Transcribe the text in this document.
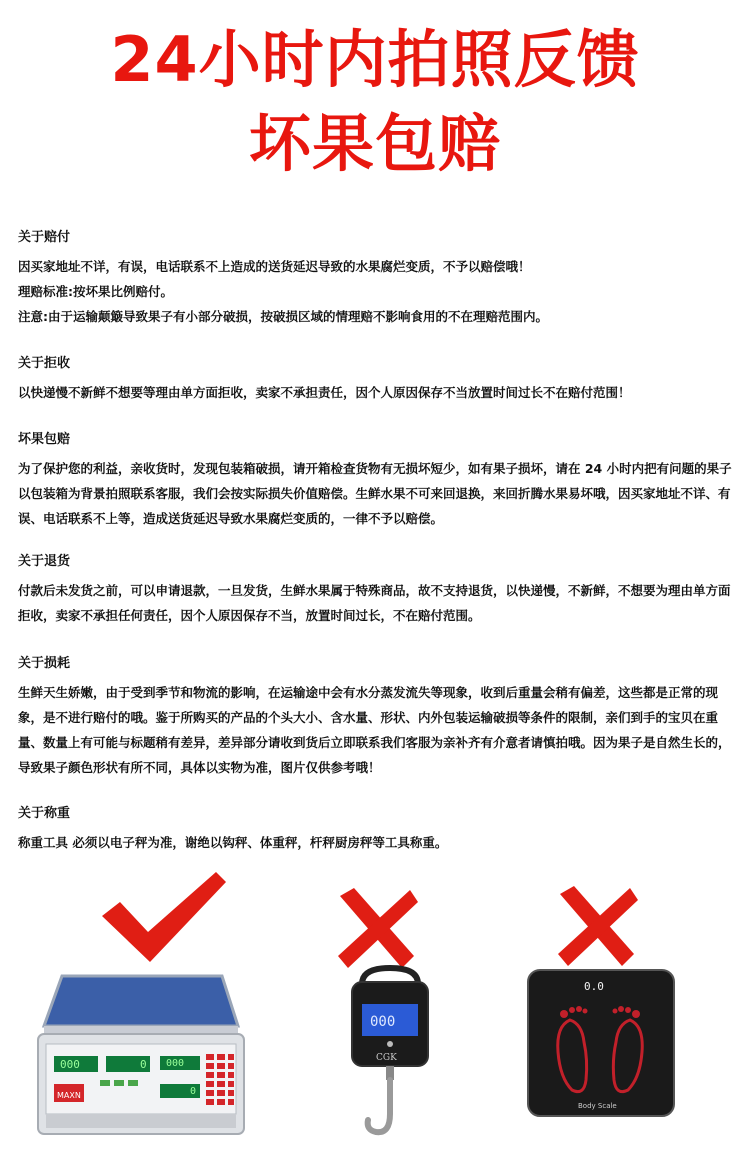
24小时内拍照反馈
坏果包赔
关于赔付

因买家地址不详，有误，电话联系不上造成的送货延迟导致的水果腐烂变质，不予以赔偿哦！

理赔标准:按坏果比例赔付。

注意:由于运输颠簸导致果子有小部分破损，按破损区域的情理赔不影响食用的不在理赔范围内。

关于拒收

以快递慢不新鲜不想要等理由单方面拒收，卖家不承担责任，因个人原因保存不当放置时间过长不在赔付范围！

坏果包赔

为了保护您的利益，亲收货时，发现包装箱破损，请开箱检查货物有无损坏短少，如有果子损坏，请在 24 小时内把有问题的果子以包装箱为背景拍照联系客服，我们会按实际损失价值赔偿。生鲜水果不可来回退换，来回折腾水果易坏哦，因买家地址不详、有误、电话联系不上等，造成送货延迟导致水果腐烂变质的，一律不予以赔偿。

关于退货

付款后未发货之前，可以申请退款，一旦发货，生鲜水果属于特殊商品，故不支持退货，以快递慢，不新鲜，不想要为理由单方面拒收，卖家不承担任何责任，因个人原因保存不当，放置时间过长，不在赔付范围。

关于损耗

生鲜天生娇嫩，由于受到季节和物流的影响，在运输途中会有水分蒸发流失等现象，收到后重量会稍有偏差，这些都是正常的现象，是不进行赔付的哦。鉴于所购买的产品的个头大小、含水量、形状、内外包装运输破损等条件的限制，亲们到手的宝贝在重量、数量上有可能与标题稍有差异，差异部分请收到货后立即联系我们客服为亲补齐有介意者请慎拍哦。因为果子是自然生长的，导致果子颜色形状有所不同，具体以实物为准，图片仅供参考哦！

关于称重

称重工具 必须以电子秤为准，谢绝以钩秤、体重秤，杆秤厨房秤等工具称重。

000	0 000
0
MAXN
000
CGK
0.0
Body Scale
